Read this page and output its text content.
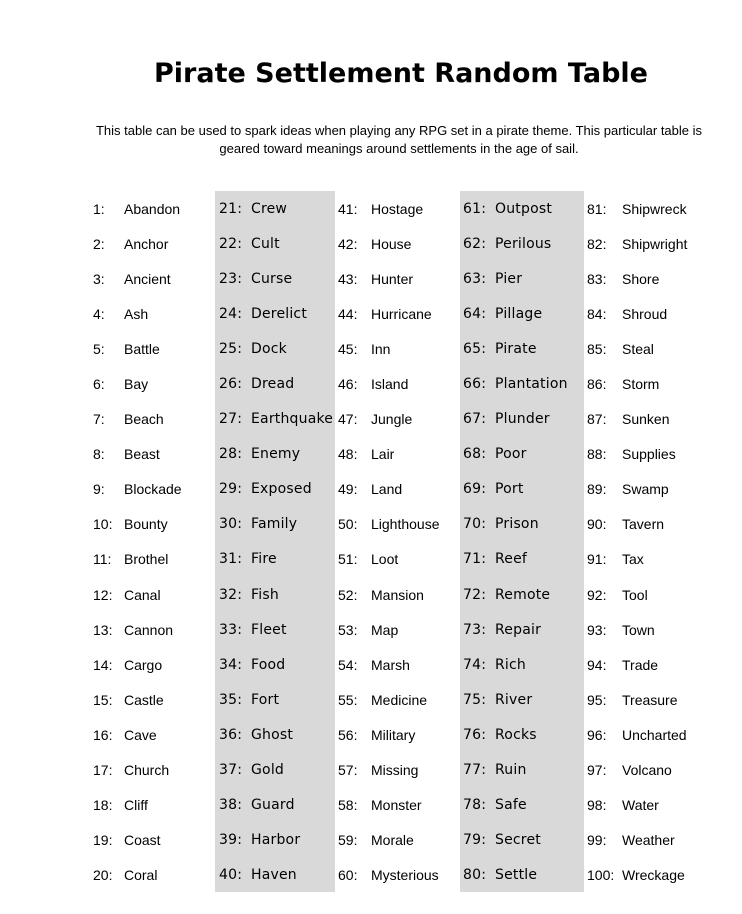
Pirate Settlement Random Table

This table can be used to spark ideas when playing any RPG set in a pirate theme. This particular table is geared toward meanings around settlements in the age of sail.

1: Abandon
2: Anchor
3: Ancient
4: Ash
5: Battle
6: Bay
7: Beach
8: Beast
9: Blockade
10: Bounty
11: Brothel
12: Canal
13: Cannon
14: Cargo
15: Castle
16: Cave
17: Church
18: Cliff
19: Coast
20: Coral
21: Crew
22: Cult
23: Curse
24: Derelict
25: Dock
26: Dread
27: Earthquake
28: Enemy
29: Exposed
30: Family
31: Fire
32: Fish
33: Fleet
34: Food
35: Fort
36: Ghost
37: Gold
38: Guard
39: Harbor
40: Haven
41: Hostage
42: House
43: Hunter
44: Hurricane
45: Inn
46: Island
47: Jungle
48: Lair
49: Land
50: Lighthouse
51: Loot
52: Mansion
53: Map
54: Marsh
55: Medicine
56: Military
57: Missing
58: Monster
59: Morale
60: Mysterious
61: Outpost
62: Perilous
63: Pier
64: Pillage
65: Pirate
66: Plantation
67: Plunder
68: Poor
69: Port
70: Prison
71: Reef
72: Remote
73: Repair
74: Rich
75: River
76: Rocks
77: Ruin
78: Safe
79: Secret
80: Settle
81: Shipwreck
82: Shipwright
83: Shore
84: Shroud
85: Steal
86: Storm
87: Sunken
88: Supplies
89: Swamp
90: Tavern
91: Tax
92: Tool
93: Town
94: Trade
95: Treasure
96: Uncharted
97: Volcano
98: Water
99: Weather
100: Wreckage
